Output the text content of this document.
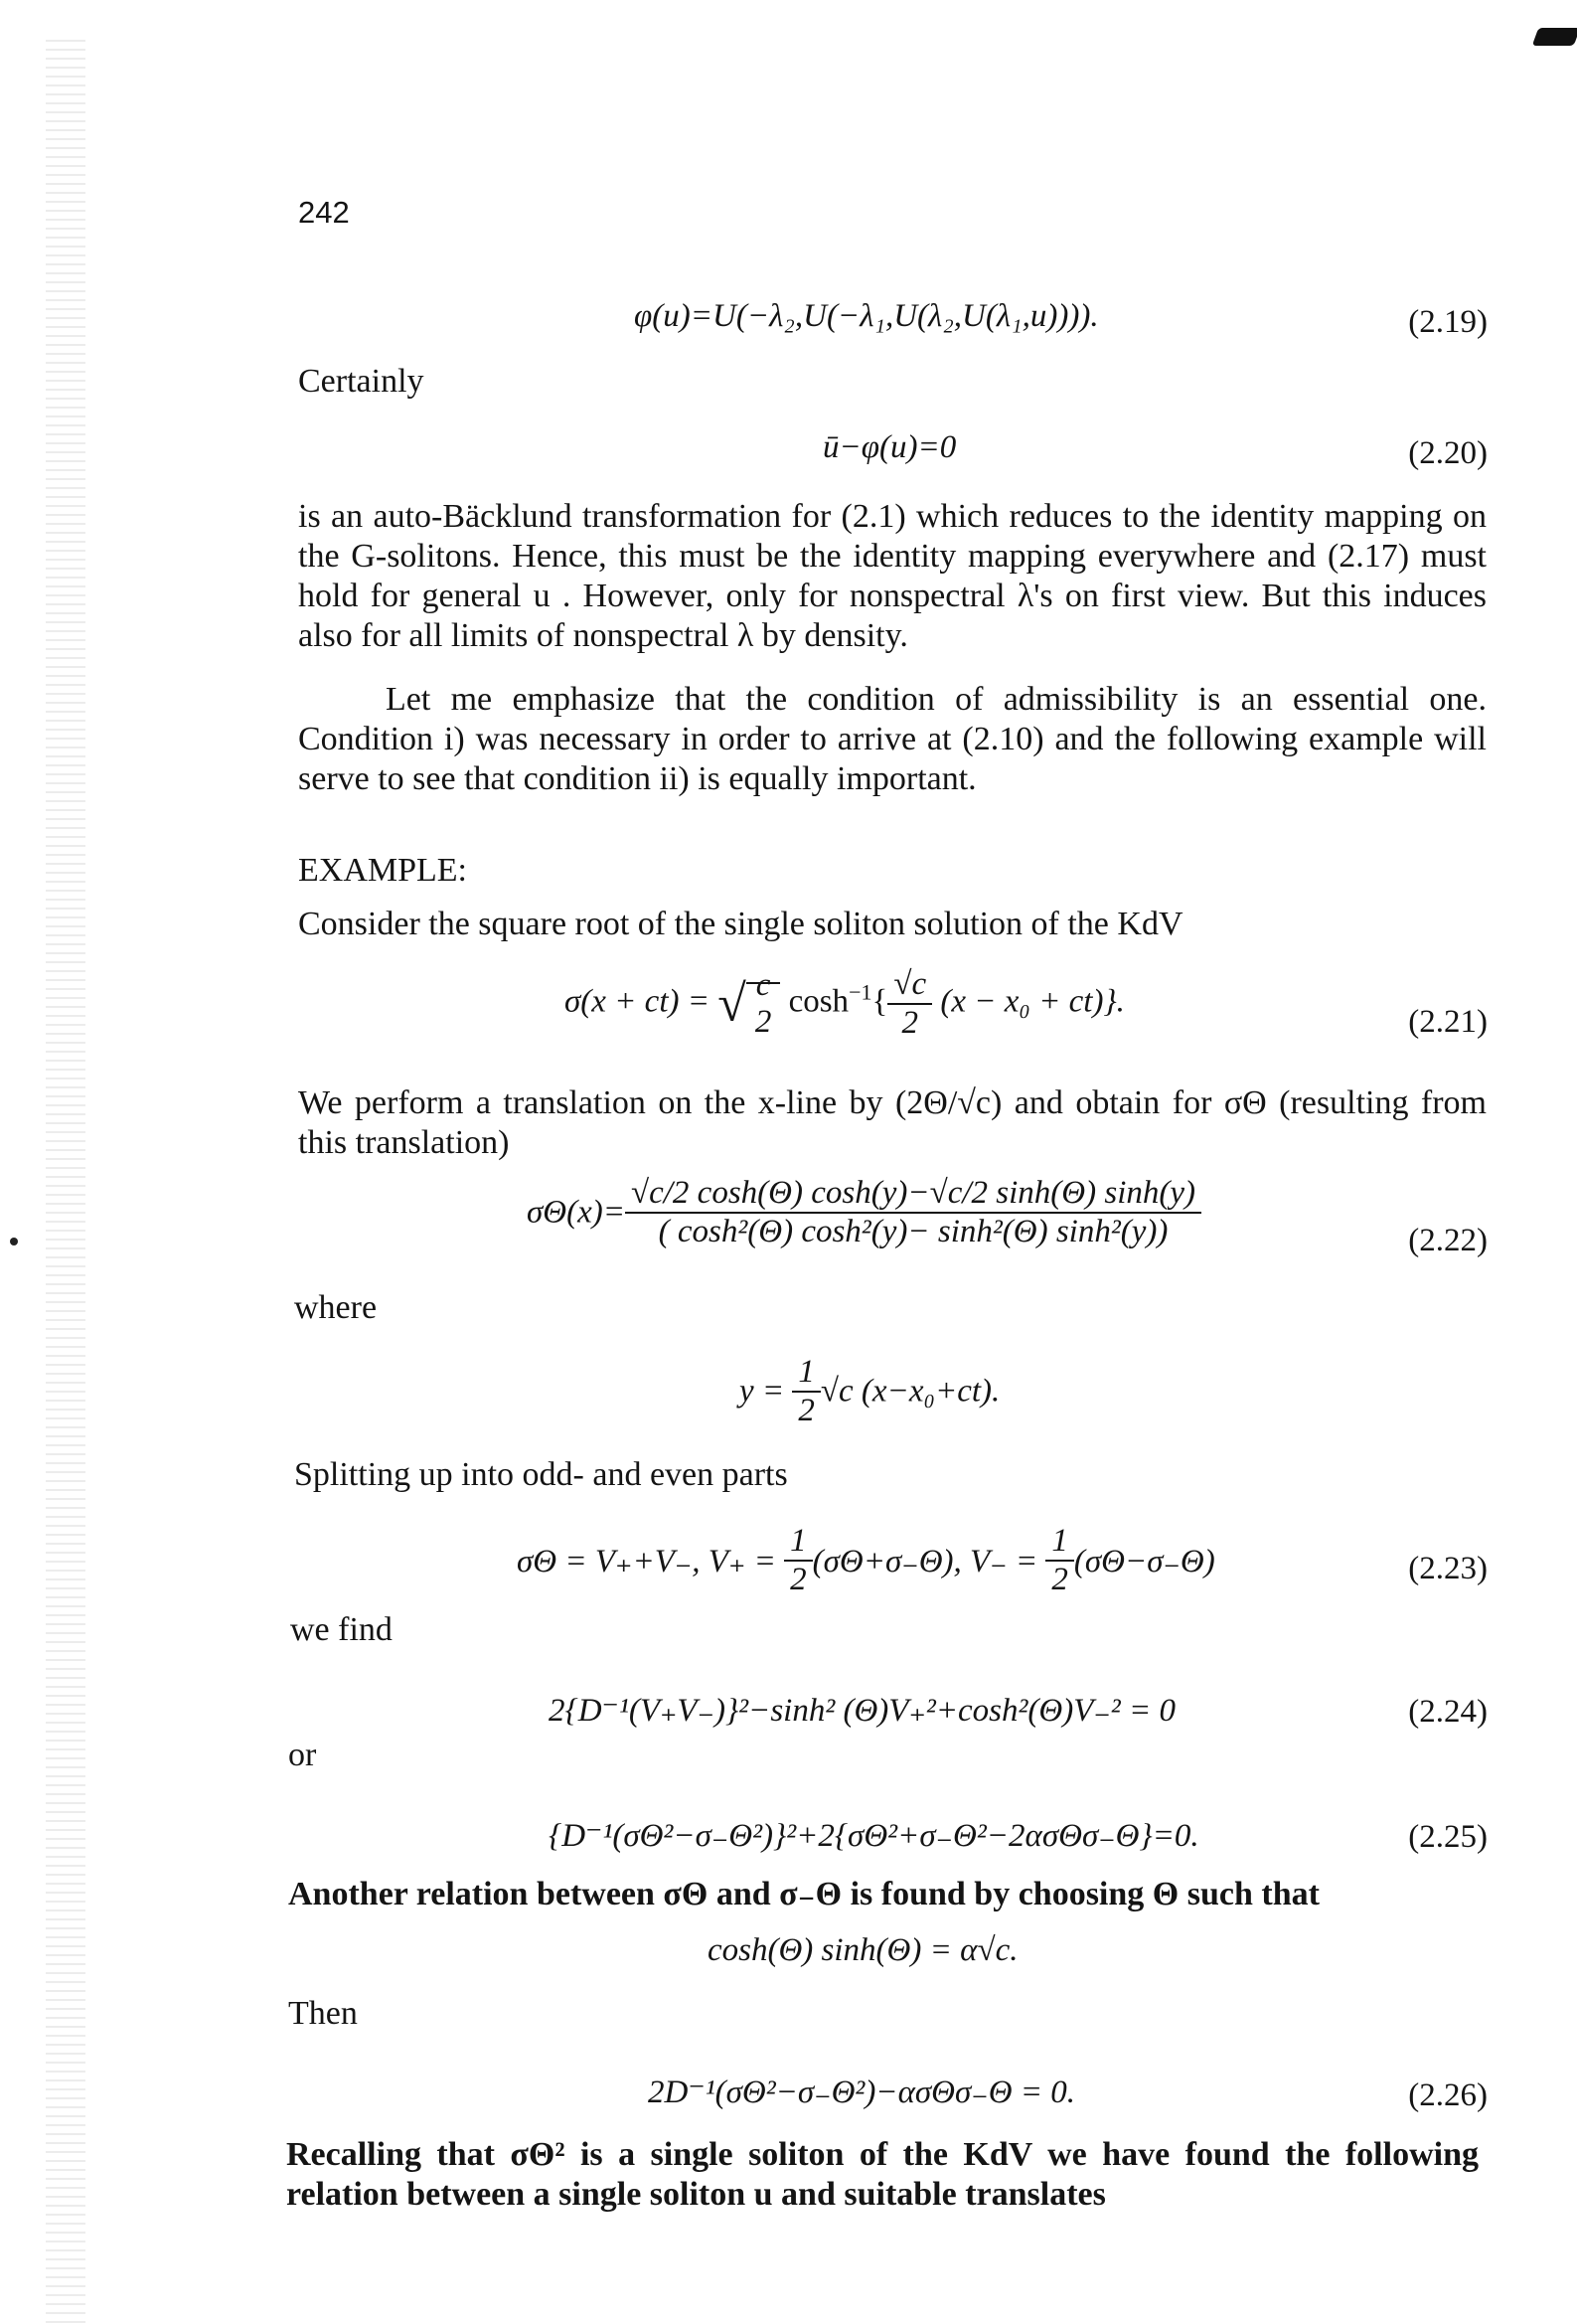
242
φ(u)=U(−λ₂,U(−λ₁,U(λ₂,U(λ₁,u)))).	(2.19)
Certainly
ū−φ(u)=0	(2.20)
is an auto-Bäcklund transformation for (2.1) which reduces to the identity mapping on the G-solitons. Hence, this must be the identity mapping everywhere and (2.17) must hold for general u . However, only for nonspectral λ's on first view. But this induces also for all limits of nonspectral λ by density.
Let me emphasize that the condition of admissibility is an essential one. Condition i) was necessary in order to arrive at (2.10) and the following example will serve to see that condition ii) is equally important.
EXAMPLE:
Consider the square root of the single soliton solution of the KdV
σ(x + ct) = √ c
2
$\cosh^{-1}\{ \frac{√c}{2} (x - x_0 + ct)\}$.
(2.21)
We perform a translation on the x-line by (2Θ/√c) and obtain for σΘ (resulting from this translation)
$\sigma\Theta(x)= \frac{√c/2 \cosh(\Theta) \cosh(y)-√c/2 \sinh(\Theta) \sinh(y)}{\text{( cosh²(Θ) cosh²(y)− sinh²(Θ) sinh²(y))}}$	(2.22)
where
$y = \frac{1}{2} √c$ (x−x₀+ct).
Splitting up into odd- and even parts
σΘ = V₊+V₋, $V_+ = \frac{1}{2} (\sigma\Theta+\sigma_-\Theta)$, $V_- = \frac{1}{2} (\sigma\Theta-\sigma_-\Theta)$	(2.23)
we find
2{D⁻¹(V₊V₋)}²−sinh² (Θ)V₊²+cosh²(Θ)V₋² = 0	(2.24)
or
{D⁻¹(σΘ²−σ₋Θ²)}²+2{σΘ²+σ₋Θ²−2ασΘσ₋Θ}=0.	(2.25)
Another relation between σΘ and σ₋Θ is found by choosing Θ such that
cosh(Θ) sinh(Θ) = α√c.
Then
2D⁻¹(σΘ²−σ₋Θ²)−ασΘσ₋Θ = 0.	(2.26)
Recalling that σΘ² is a single soliton of the KdV we have found the following relation between a single soliton u and suitable translates
